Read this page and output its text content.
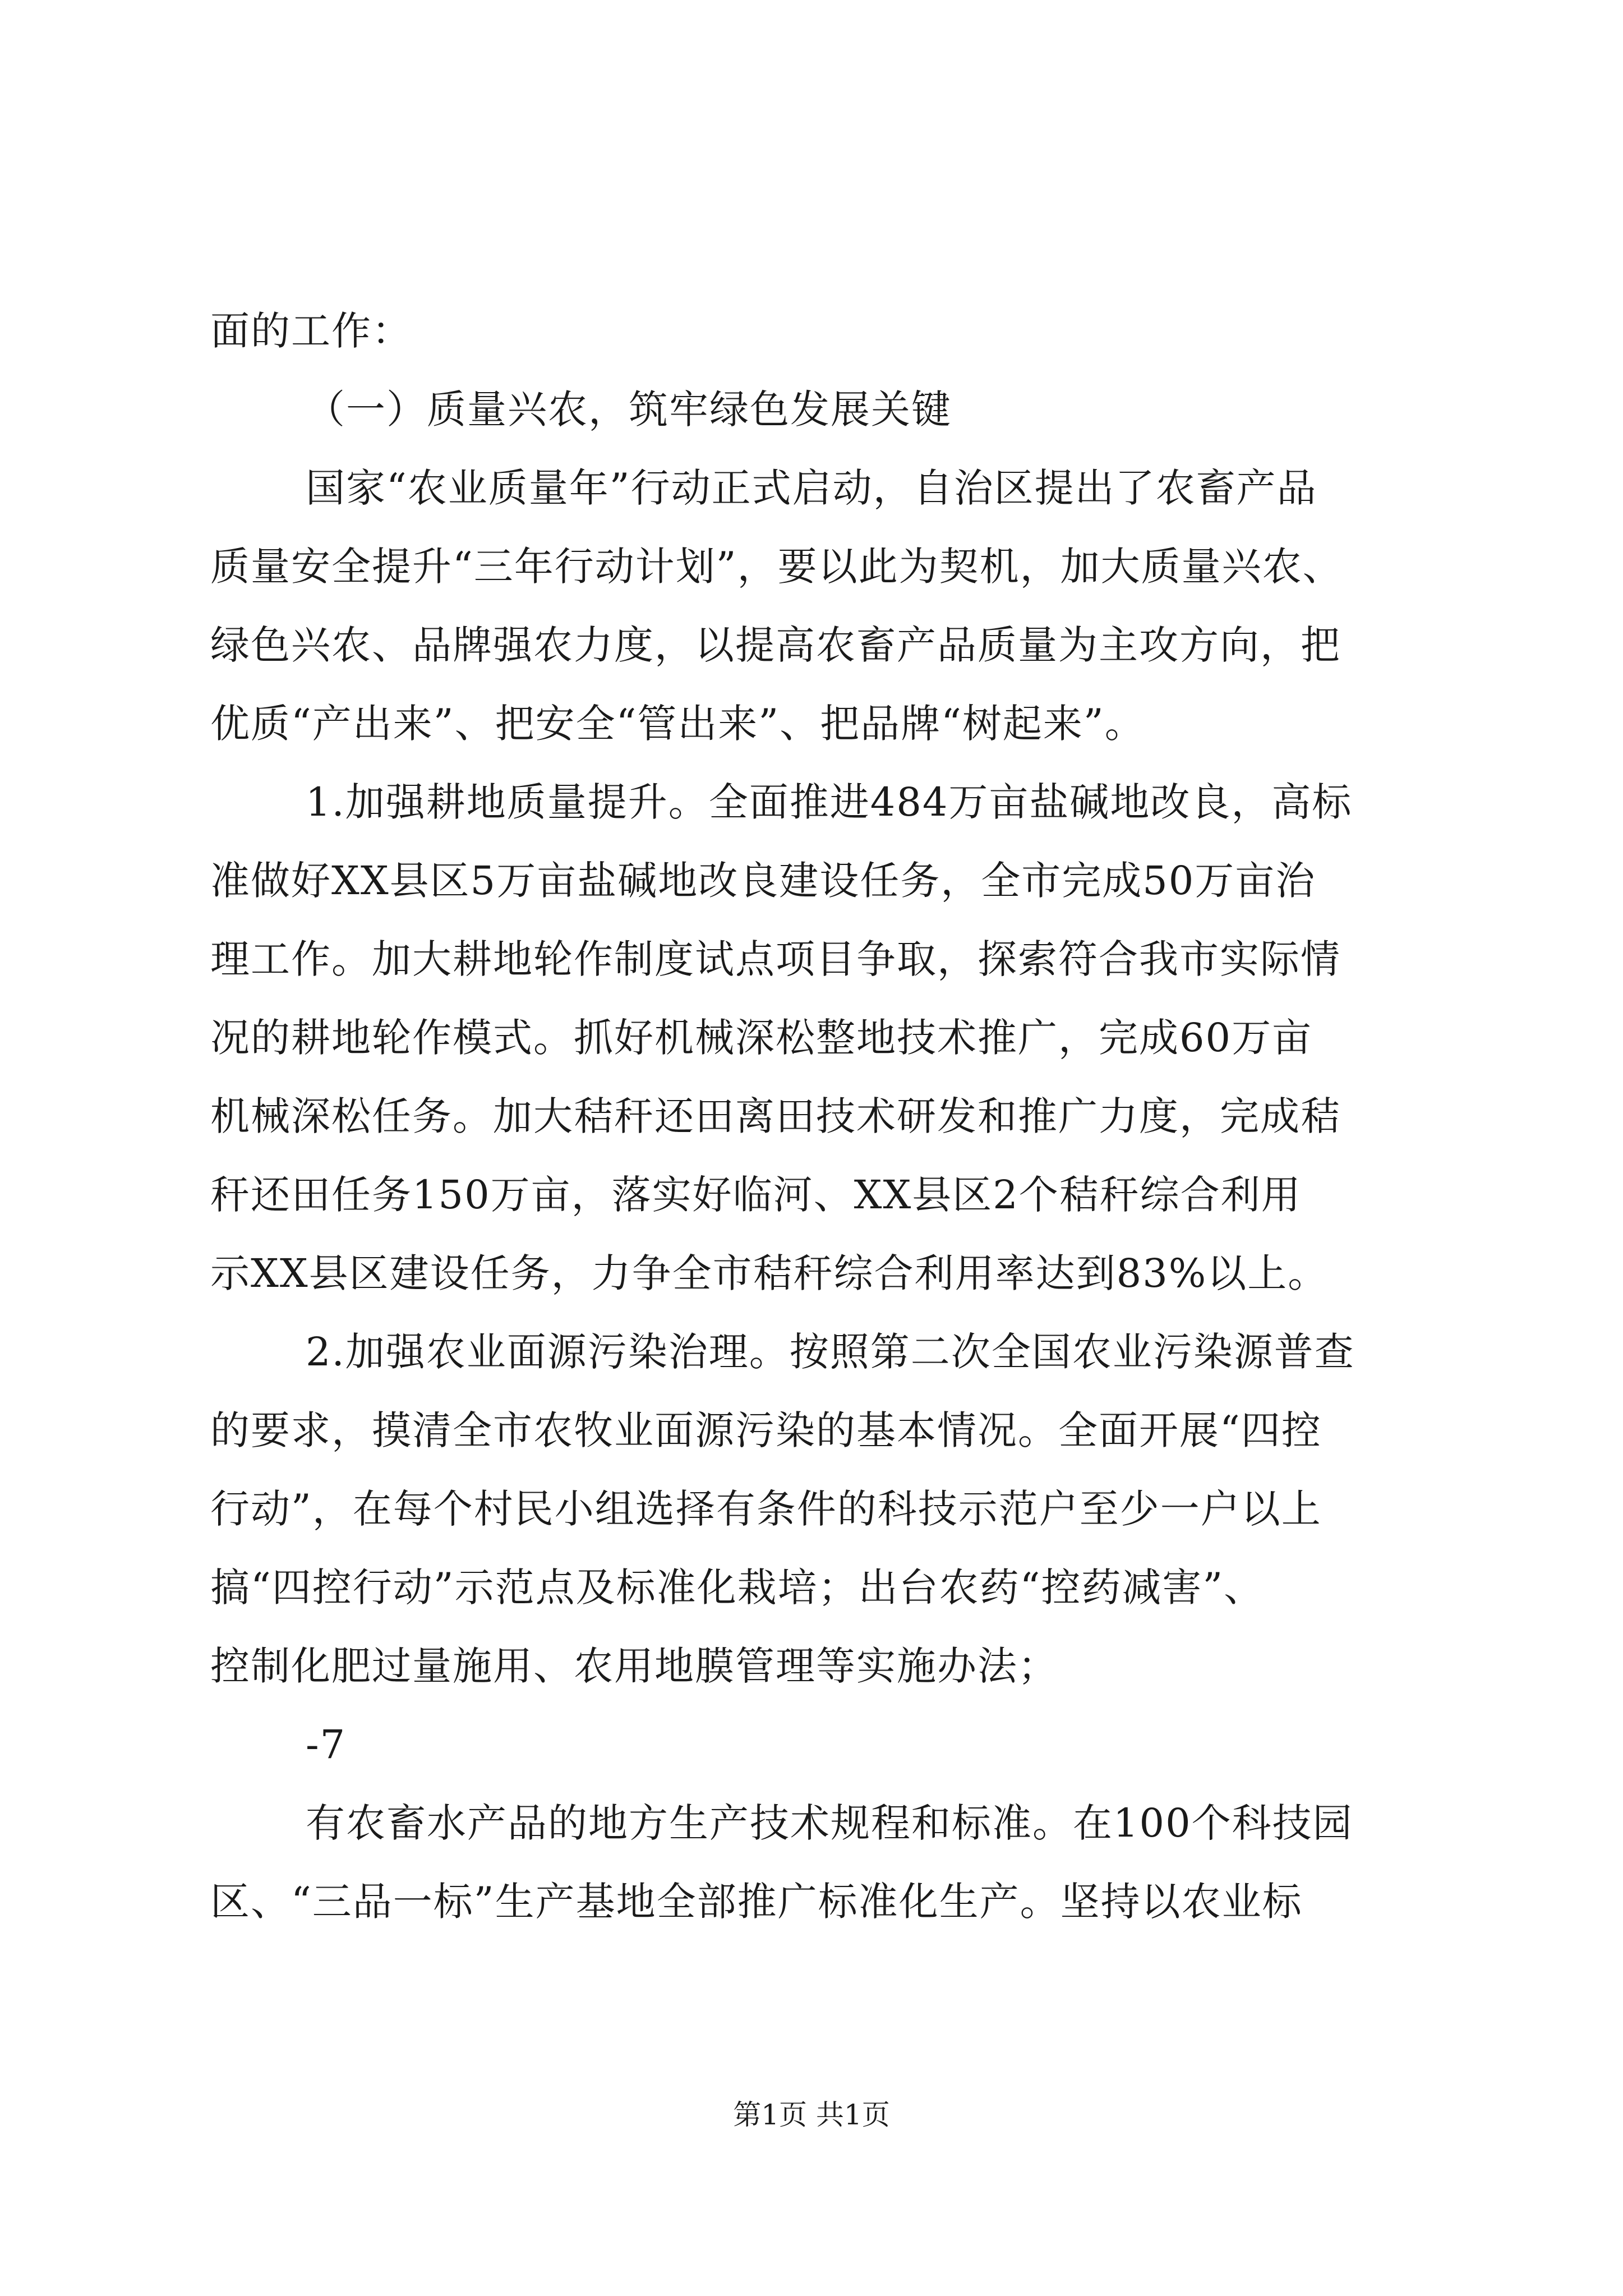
面的工作：
（一）质量兴农，筑牢绿色发展关键
国家“农业质量年”行动正式启动，自治区提出了农畜产品
质量安全提升“三年行动计划”，要以此为契机，加大质量兴农、
绿色兴农、品牌强农力度，以提高农畜产品质量为主攻方向，把
优质“产出来”、把安全“管出来”、把品牌“树起来”。
1.加强耕地质量提升。全面推进484万亩盐碱地改良，高标
准做好XX县区5万亩盐碱地改良建设任务，全市完成50万亩治
理工作。加大耕地轮作制度试点项目争取，探索符合我市实际情
况的耕地轮作模式。抓好机械深松整地技术推广，完成60万亩
机械深松任务。加大秸秆还田离田技术研发和推广力度，完成秸
秆还田任务150万亩，落实好临河、XX县区2个秸秆综合利用
示XX县区建设任务，力争全市秸秆综合利用率达到83%以上。
2.加强农业面源污染治理。按照第二次全国农业污染源普查
的要求，摸清全市农牧业面源污染的基本情况。全面开展“四控
行动”，在每个村民小组选择有条件的科技示范户至少一户以上
搞“四控行动”示范点及标准化栽培；出台农药“控药减害”、
控制化肥过量施用、农用地膜管理等实施办法；
-7
有农畜水产品的地方生产技术规程和标准。在100个科技园
区、“三品一标”生产基地全部推广标准化生产。坚持以农业标
第1页 共1页
